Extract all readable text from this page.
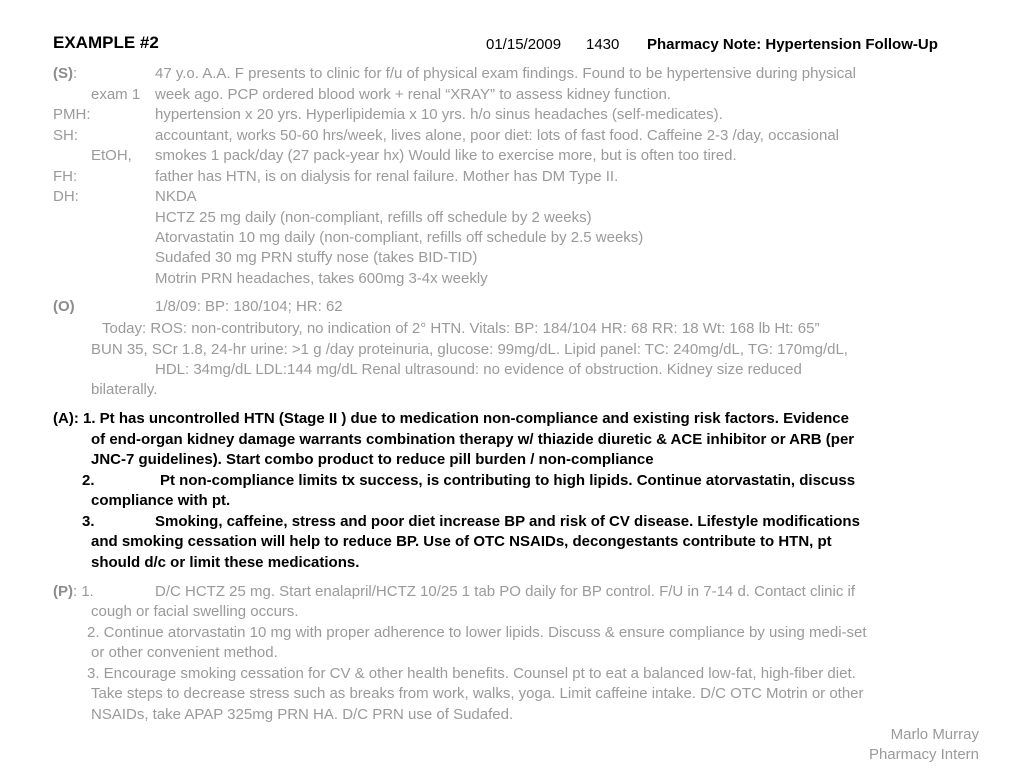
EXAMPLE #2	01/15/2009 1430 Pharmacy Note: Hypertension Follow-Up
(S):	47 y.o. A.A. F presents to clinic for f/u of physical exam findings. Found to be hypertensive during physical
exam 1 week ago. PCP ordered blood work + renal “XRAY” to assess kidney function.
PMH:	hypertension x 20 yrs. Hyperlipidemia x 10 yrs. h/o sinus headaches (self-medicates).
SH:	accountant, works 50-60 hrs/week, lives alone, poor diet: lots of fast food. Caffeine 2-3 /day, occasional
EtOH, smokes 1 pack/day (27 pack-year hx) Would like to exercise more, but is often too tired.
FH:	father has HTN, is on dialysis for renal failure. Mother has DM Type II.
DH:	NKDA
HCTZ 25 mg daily (non-compliant, refills off schedule by 2 weeks)
Atorvastatin 10 mg daily (non-compliant, refills off schedule by 2.5 weeks)
Sudafed 30 mg PRN stuffy nose (takes BID-TID)
Motrin PRN headaches, takes 600mg 3-4x weekly
(O)	1/8/09: BP: 180/104; HR: 62
Today: ROS: non-contributory, no indication of 2° HTN. Vitals: BP: 184/104 HR: 68 RR: 18 Wt: 168 lb Ht: 65”
BUN 35, SCr 1.8, 24-hr urine: >1 g /day proteinuria, glucose: 99mg/dL. Lipid panel: TC: 240mg/dL, TG: 170mg/dL,
HDL: 34mg/dL LDL:144 mg/dL Renal ultrasound: no evidence of obstruction. Kidney size reduced
bilaterally.
(A): 1. Pt has uncontrolled HTN (Stage II ) due to medication non-compliance and existing risk factors. Evidence
of end-organ kidney damage warrants combination therapy w/ thiazide diuretic & ACE inhibitor or ARB (per
JNC-7 guidelines). Start combo product to reduce pill burden / non-compliance
2.	Pt non-compliance limits tx success, is contributing to high lipids. Continue atorvastatin, discuss
compliance with pt.
3.	Smoking, caffeine, stress and poor diet increase BP and risk of CV disease. Lifestyle modifications
and smoking cessation will help to reduce BP. Use of OTC NSAIDs, decongestants contribute to HTN, pt
should d/c or limit these medications.
(P): 1.	D/C HCTZ 25 mg. Start enalapril/HCTZ 10/25 1 tab PO daily for BP control. F/U in 7-14 d. Contact clinic if
cough or facial swelling occurs.
2. Continue atorvastatin 10 mg with proper adherence to lower lipids. Discuss & ensure compliance by using medi-set
or other convenient method.
3. Encourage smoking cessation for CV & other health benefits. Counsel pt to eat a balanced low-fat, high-fiber diet.
Take steps to decrease stress such as breaks from work, walks, yoga. Limit caffeine intake. D/C OTC Motrin or other
NSAIDs, take APAP 325mg PRN HA. D/C PRN use of Sudafed.
Marlo Murray
Pharmacy Intern
